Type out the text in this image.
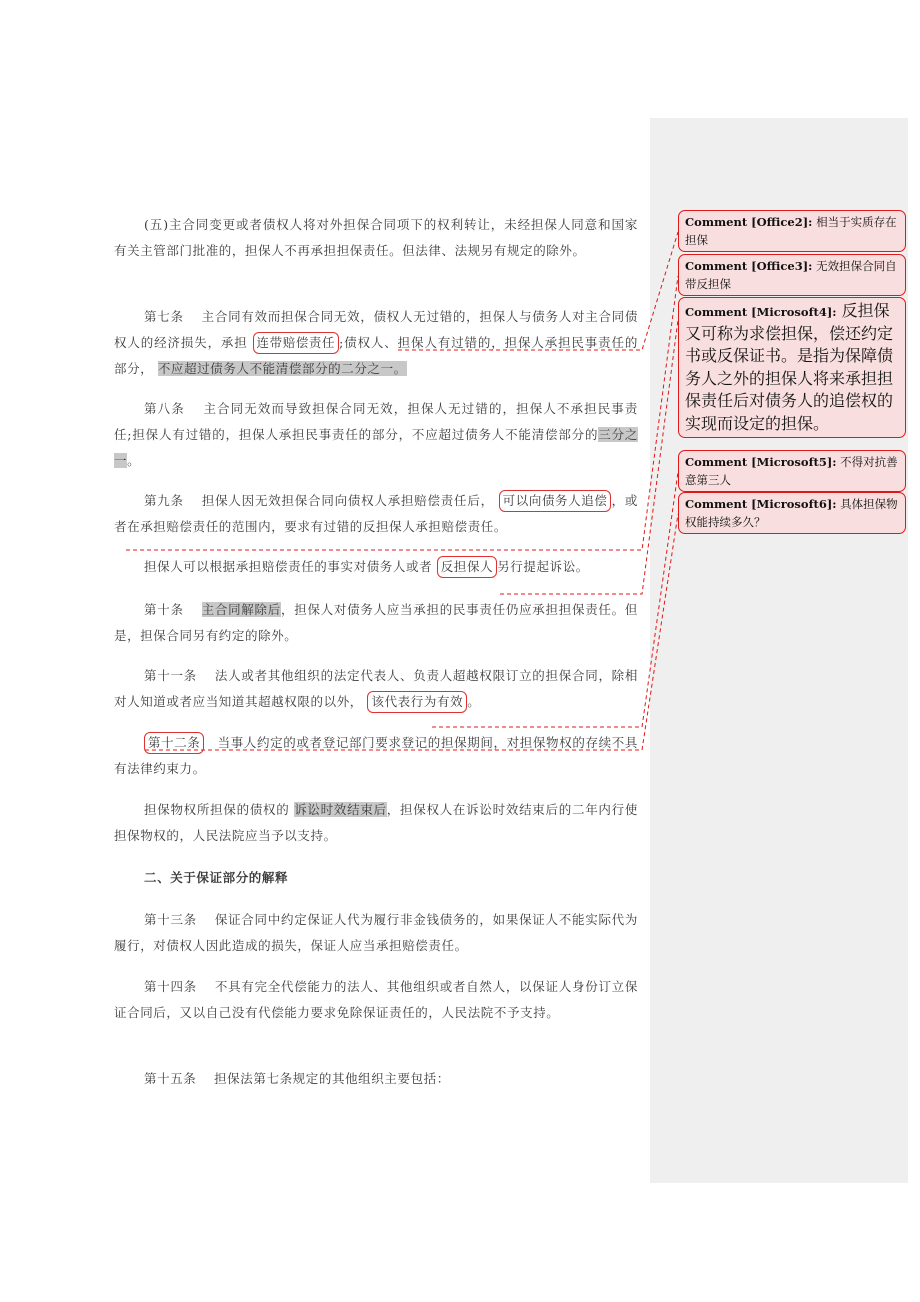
(五)主合同变更或者债权人将对外担保合同项下的权利转让，未经担保人同意和国家有关主管部门批准的，担保人不再承担担保责任。但法律、法规另有规定的除外。

第七条　 主合同有效而担保合同无效，债权人无过错的，担保人与债务人对主合同债权人的经济损失，承担 连带赔偿责任 ;债权人、担保人有过错的，担保人承担民事责任的部分， 不应超过债务人不能清偿部分的二分之一。

第八条　 主合同无效而导致担保合同无效，担保人无过错的，担保人不承担民事责任;担保人有过错的，担保人承担民事责任的部分，不应超过债务人不能清偿部分的三分之一。

第九条　 担保人因无效担保合同向债权人承担赔偿责任后， 可以向债务人追偿 ，或者在承担赔偿责任的范围内，要求有过错的反担保人承担赔偿责任。

担保人可以根据承担赔偿责任的事实对债务人或者 反担保人 另行提起诉讼。

第十条　 主合同解除后，担保人对债务人应当承担的民事责任仍应承担担保责任。但是，担保合同另有约定的除外。

第十一条　 法人或者其他组织的法定代表人、负责人超越权限订立的担保合同，除相对人知道或者应当知道其超越权限的以外， 该代表行为有效 。

第十二条　当事人约定的或者登记部门要求登记的担保期间，对担保物权的存续不具有法律约束力。

担保物权所担保的债权的 诉讼时效结束后，担保权人在诉讼时效结束后的二年内行使担保物权的，人民法院应当予以支持。

二、关于保证部分的解释

第十三条　 保证合同中约定保证人代为履行非金钱债务的，如果保证人不能实际代为履行，对债权人因此造成的损失，保证人应当承担赔偿责任。

第十四条　 不具有完全代偿能力的法人、其他组织或者自然人，以保证人身份订立保证合同后，又以自己没有代偿能力要求免除保证责任的，人民法院不予支持。

第十五条　 担保法第七条规定的其他组织主要包括：

Comment [Office2]: 相当于实质存在担保
Comment [Office3]: 无效担保合同自带反担保
Comment [Microsoft4]: 反担保又可称为求偿担保，偿还约定书或反保证书。是指为保障债务人之外的担保人将来承担担保责任后对债务人的追偿权的实现而设定的担保。
Comment [Microsoft5]: 不得对抗善意第三人
Comment [Microsoft6]: 具体担保物权能持续多久？
